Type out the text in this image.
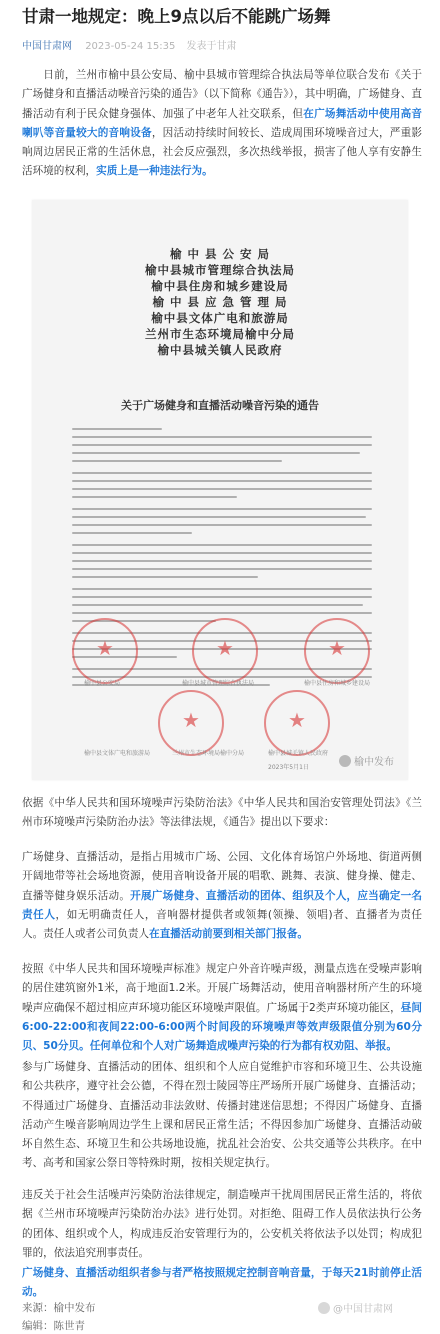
甘肃一地规定：晚上9点以后不能跳广场舞
中国甘肃网 2023-05-24 15:35 发表于甘肃
日前，兰州市榆中县公安局、榆中县城市管理综合执法局等单位联合发布《关于广场健身和直播活动噪音污染的通告》（以下简称《通告》），其中明确，广场健身、直播活动有利于民众健身强体、加强了中老年人社交联系，但在广场舞活动中使用高音喇叭等音量较大的音响设备，因活动持续时间较长、造成周围环境噪音过大，严重影响周边居民正常的生活休息，社会反应强烈，多次热线举报，损害了他人享有安静生活环境的权利，实质上是一种违法行为。
榆 中 县 公 安 局
榆中县城市管理综合执法局
榆中县住房和城乡建设局
榆 中 县 应 急 管 理 局
榆中县文体广电和旅游局
兰州市生态环境局榆中分局
榆中县城关镇人民政府
关于广场健身和直播活动噪音污染的通告
★	★	★
★	★
榆中县公安局	榆中县城市管理综合执法局	榆中县住房和城乡建设局
榆中县文体广电和旅游局	兰州市生态环境局榆中分局	榆中县城关镇人民政府
2023年5月1日	榆中发布
依据《中华人民共和国环境噪声污染防治法》《中华人民共和国治安管理处罚法》《兰州市环境噪声污染防治办法》等法律法规，《通告》提出以下要求：
广场健身、直播活动，是指占用城市广场、公园、文化体育场馆户外场地、街道两侧开阔地带等社会场地资源，使用音响设备开展的唱歌、跳舞、表演、健身操、健走、直播等健身娱乐活动。开展广场健身、直播活动的团体、组织及个人，应当确定一名责任人，如无明确责任人，音响器材提供者或领舞(领操、领唱)者、直播者为责任人。责任人或者公司负责人在直播活动前要到相关部门报备。
按照《中华人民共和国环境噪声标准》规定户外音许噪声级，测量点选在受噪声影响的居住建筑窗外1米，高于地面1.2米。开展广场舞活动，使用音响器材所产生的环境噪声应确保不超过相应声环境功能区环境噪声限值。广场属于2类声环境功能区，昼间6:00-22:00和夜间22:00-6:00两个时间段的环境噪声等效声级限值分别为60分贝、50分贝。任何单位和个人对广场舞造成噪声污染的行为都有权劝阻、举报。
参与广场健身、直播活动的团体、组织和个人应自觉维护市容和环境卫生、公共设施和公共秩序，遵守社会公德，不得在烈士陵园等庄严场所开展广场健身、直播活动；不得通过广场健身、直播活动非法敛财、传播封建迷信思想；不得因广场健身、直播活动产生噪音影响周边学生上课和居民正常生活；不得因参加广场健身、直播活动破坏自然生态、环境卫生和公共场地设施，扰乱社会治安、公共交通等公共秩序。在中考、高考和国家公祭日等特殊时期，按相关规定执行。
违反关于社会生活噪声污染防治法律规定，制造噪声干扰周围居民正常生活的，将依据《兰州市环境噪声污染防治办法》进行处罚。对拒绝、阻碍工作人员依法执行公务的团体、组织或个人，构成违反治安管理行为的，公安机关将依法予以处罚；构成犯罪的，依法追究刑事责任。
广场健身、直播活动组织者参与者严格按照规定控制音响音量，于每天21时前停止活动。
来源：榆中发布
编辑：陈世青
@中国甘肃网
